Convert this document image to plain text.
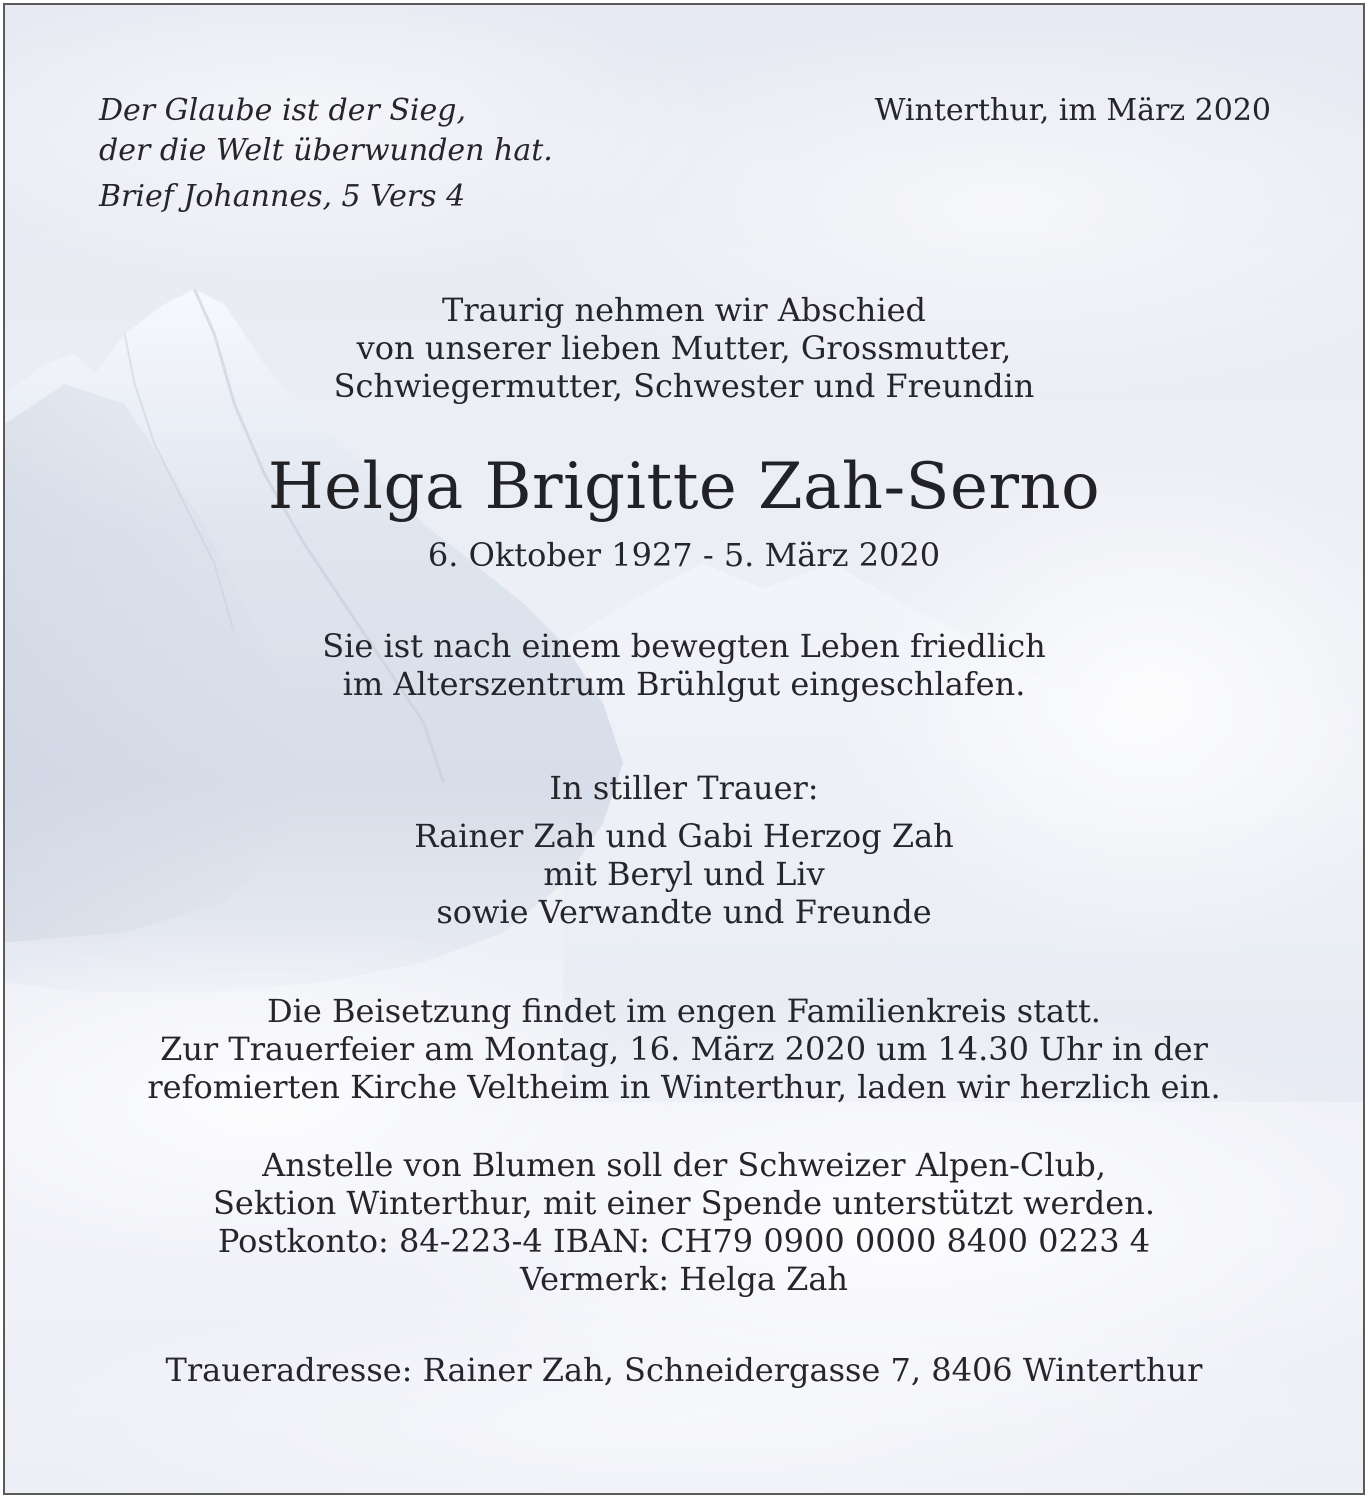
Der Glaube ist der Sieg,
der die Welt überwunden hat.
Brief Johannes, 5 Vers 4
Winterthur, im März 2020
Traurig nehmen wir Abschied
von unserer lieben Mutter, Grossmutter,
Schwiegermutter, Schwester und Freundin
Helga Brigitte Zah-Serno
6. Oktober 1927 - 5. März 2020
Sie ist nach einem bewegten Leben friedlich
im Alterszentrum Brühlgut eingeschlafen.
In stiller Trauer:
Rainer Zah und Gabi Herzog Zah
mit Beryl und Liv
sowie Verwandte und Freunde
Die Beisetzung findet im engen Familienkreis statt.
Zur Trauerfeier am Montag, 16. März 2020 um 14.30 Uhr in der
refomierten Kirche Veltheim in Winterthur, laden wir herzlich ein.
Anstelle von Blumen soll der Schweizer Alpen-Club,
Sektion Winterthur, mit einer Spende unterstützt werden.
Postkonto: 84-223-4 IBAN: CH79 0900 0000 8400 0223 4
Vermerk: Helga Zah
Traueradresse: Rainer Zah, Schneidergasse 7, 8406 Winterthur
